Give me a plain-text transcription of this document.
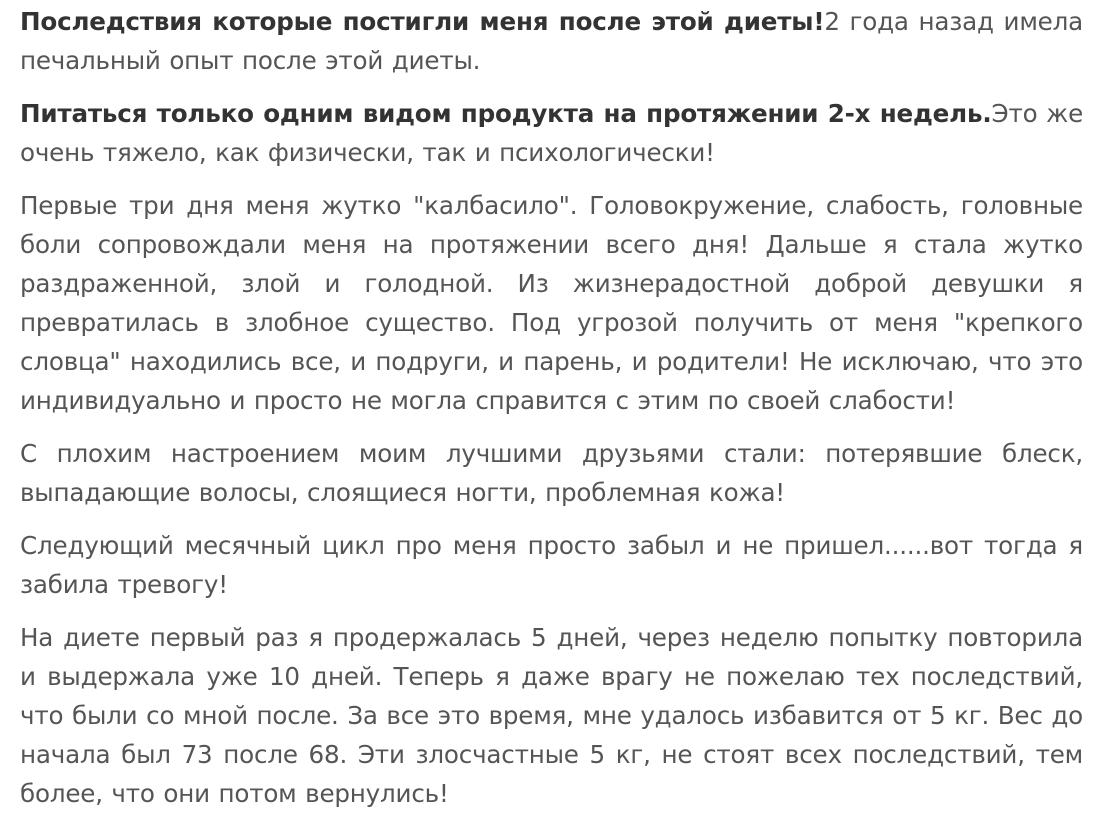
Последствия которые постигли меня после этой диеты!2 года назад имела печальный опыт после этой диеты.

Питаться только одним видом продукта на протяжении 2-х недель.Это же очень тяжело, как физически, так и психологически!

Первые три дня меня жутко "калбасило". Головокружение, слабость, головные боли сопровождали меня на протяжении всего дня! Дальше я стала жутко раздраженной, злой и голодной. Из жизнерадостной доброй девушки я превратилась в злобное существо. Под угрозой получить от меня "крепкого словца" находились все, и подруги, и парень, и родители! Не исключаю, что это индивидуально и просто не могла справится с этим по своей слабости!

С плохим настроением моим лучшими друзьями стали: потерявшие блеск, выпадающие волосы, слоящиеся ногти, проблемная кожа!

Следующий месячный цикл про меня просто забыл и не пришел......вот тогда я забила тревогу!

На диете первый раз я продержалась 5 дней, через неделю попытку повторила и выдержала уже 10 дней. Теперь я даже врагу не пожелаю тех последствий, что были со мной после. За все это время, мне удалось избавится от 5 кг. Вес до начала был 73 после 68. Эти злосчастные 5 кг, не стоят всех последствий, тем более, что они потом вернулись!
